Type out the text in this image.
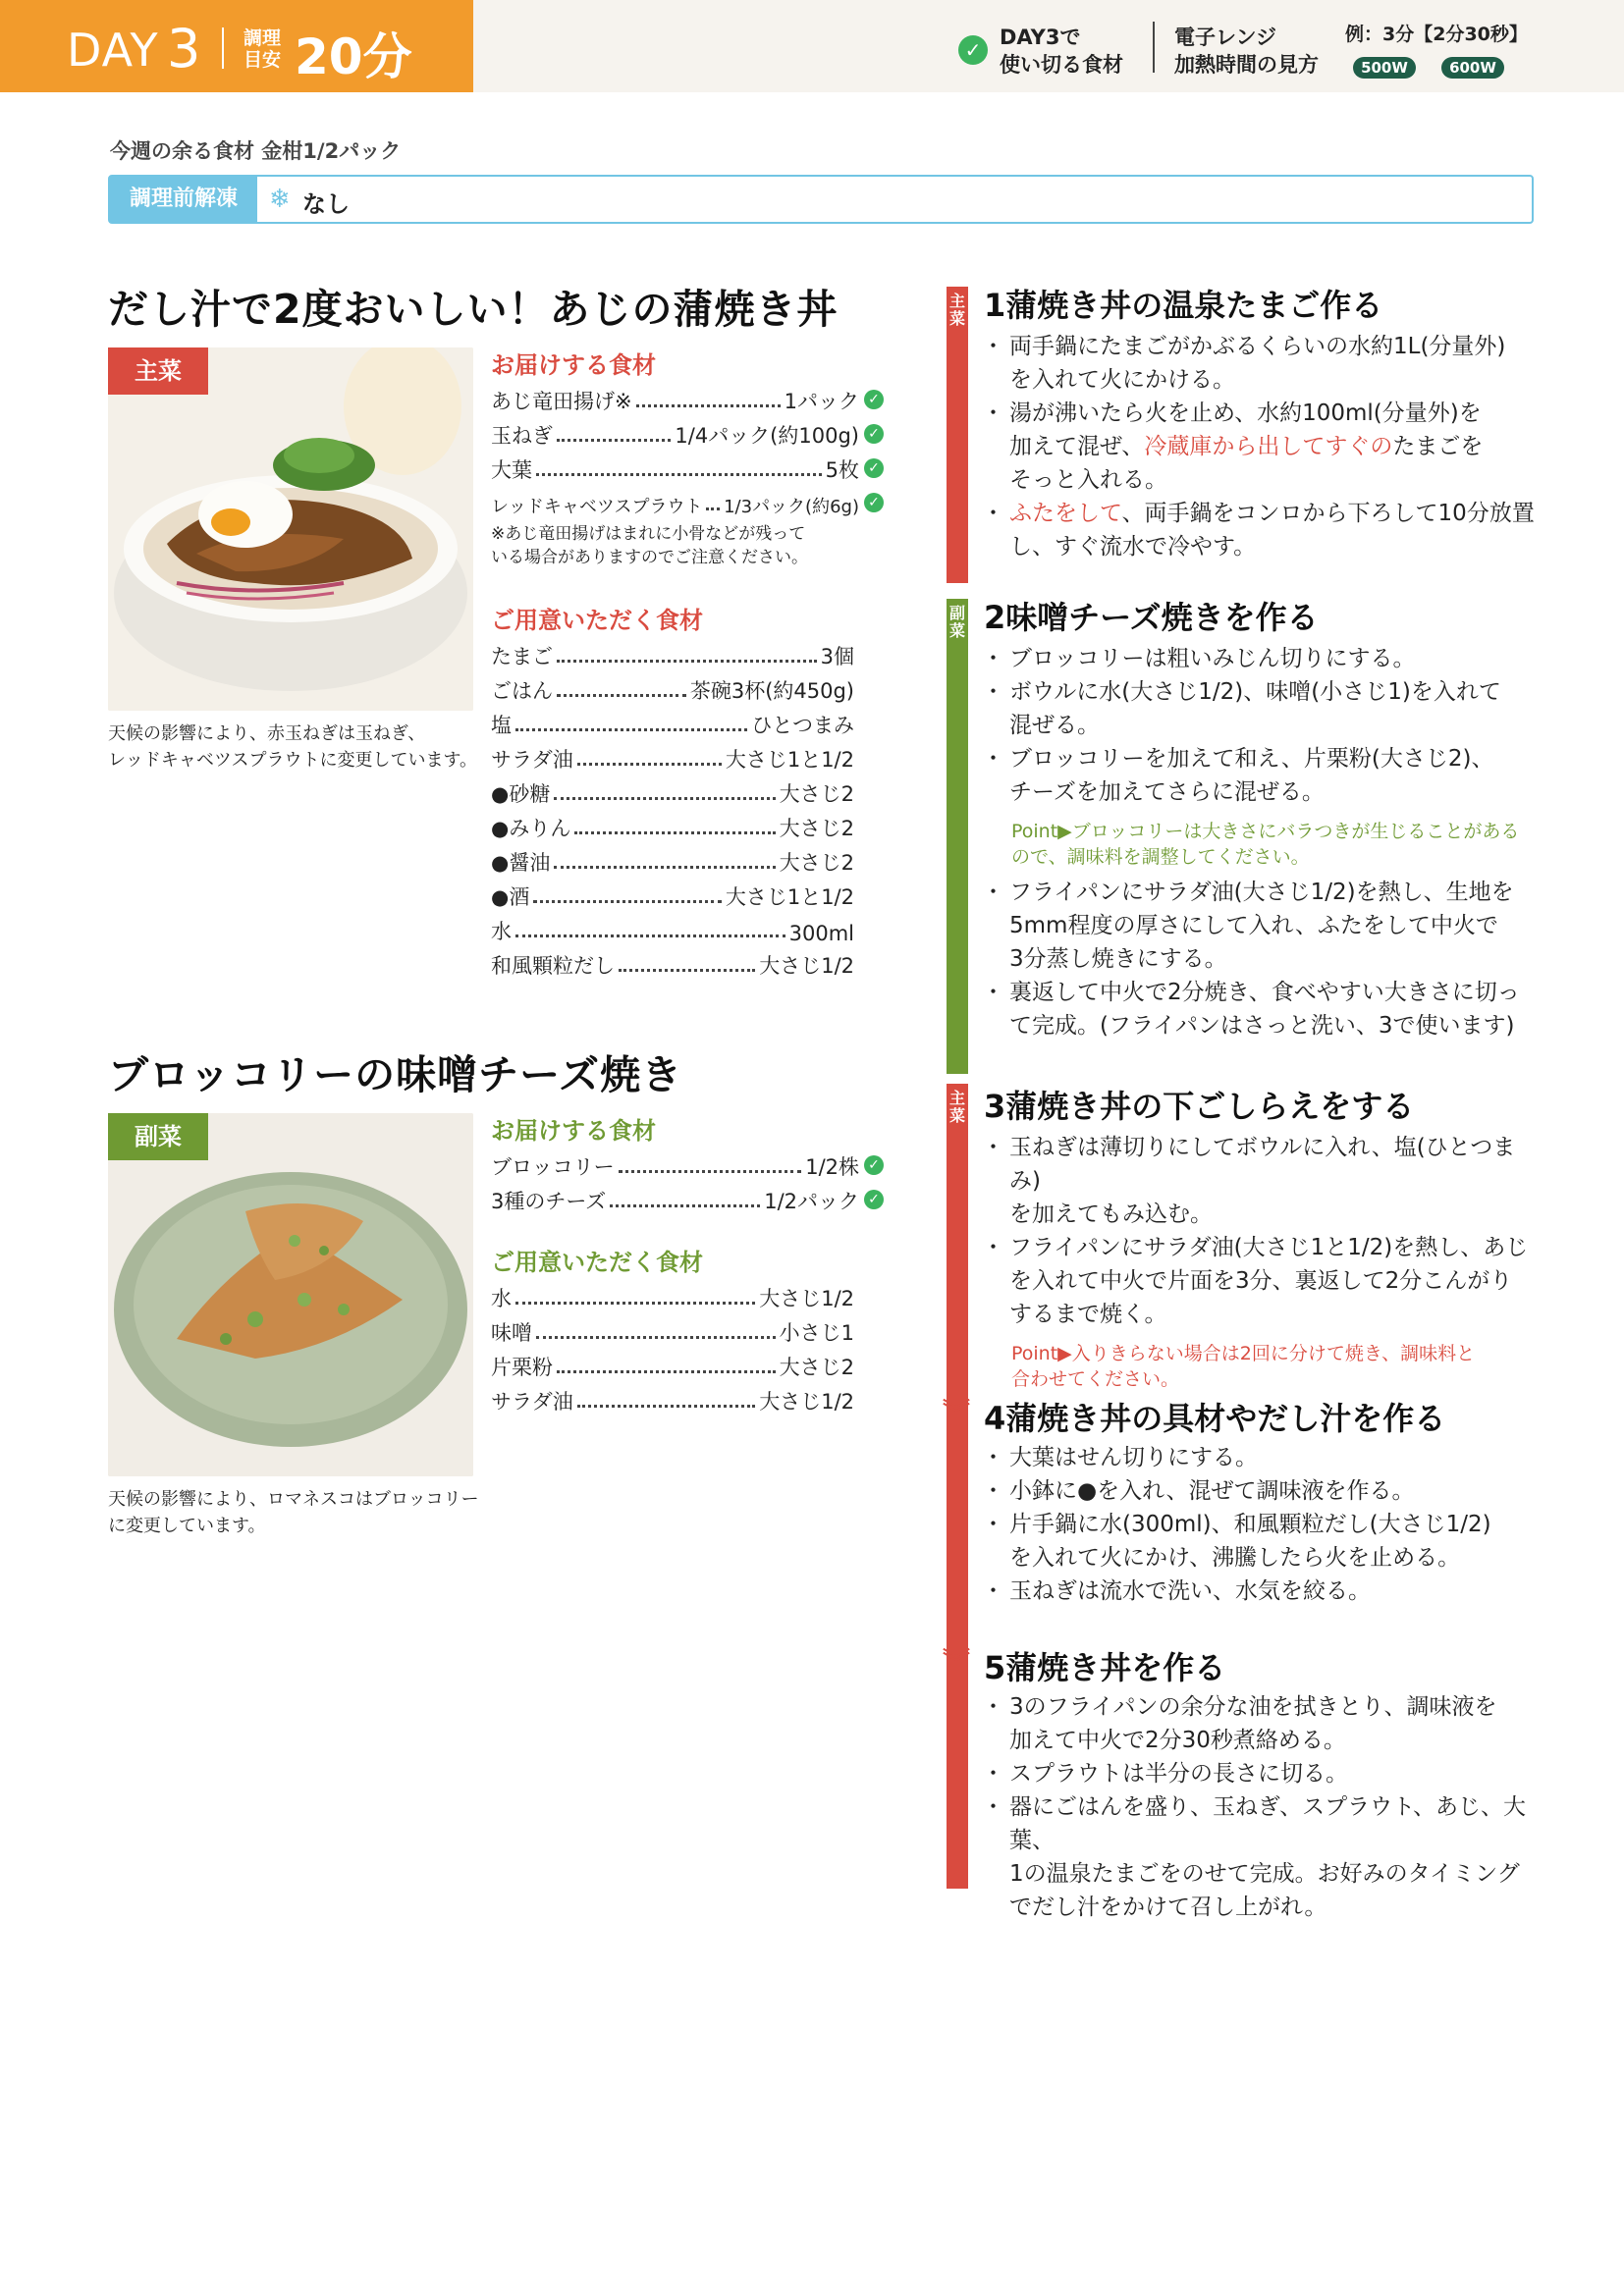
DAY 3 調理
目安 20分	✓
DAY3で
使い切る食材
電子レンジ
加熱時間の見方
例：3分【2分30秒】
500W	600W
今週の余る食材 金柑1/2パック
調理前解凍	❄ なし
だし汁で2度おいしい！あじの蒲焼き丼
主菜
天候の影響により、赤玉ねぎは玉ねぎ、
レッドキャベツスプラウトに変更しています。
お届けする食材
あじ竜田揚げ※	1パック ✓
玉ねぎ	1/4パック(約100g) ✓
大葉	5枚 ✓
レッドキャベツスプラウト 1/3パック(約6g) ✓
※あじ竜田揚げはまれに小骨などが残って
いる場合がありますのでご注意ください。
ご用意いただく食材
たまご	3個
ごはん	茶碗3杯(約450g)
塩	ひとつまみ
サラダ油	大さじ1と1/2
●砂糖	大さじ2
●みりん	大さじ2
●醤油	大さじ2
●酒	大さじ1と1/2
水	300ml
和風顆粒だし	大さじ1/2
ブロッコリーの味噌チーズ焼き
副菜
天候の影響により、ロマネスコはブロッコリー
に変更しています。
お届けする食材
ブロッコリー	1/2株 ✓
3種のチーズ	1/2パック ✓
ご用意いただく食材
水	大さじ1/2
味噌	小さじ1
片栗粉	大さじ2
サラダ油	大さじ1/2
主
菜
副
菜
主
菜
︾
︾
1蒲焼き丼の温泉たまご作る
・ 両手鍋にたまごがかぶるくらいの水約1L(分量外)
を入れて火にかける。
・ 湯が沸いたら火を止め、水約100ml(分量外)を
加えて混ぜ、冷蔵庫から出してすぐのたまごを
そっと入れる。
・ ふたをして、両手鍋をコンロから下ろして10分放置
し、すぐ流水で冷やす。
2味噌チーズ焼きを作る
・ ブロッコリーは粗いみじん切りにする。
・ ボウルに水(大さじ1/2)、味噌(小さじ1)を入れて
混ぜる。
・ ブロッコリーを加えて和え、片栗粉(大さじ2)、
チーズを加えてさらに混ぜる。
Point▶ブロッコリーは大きさにバラつきが生じることがある
ので、調味料を調整してください。
・ フライパンにサラダ油(大さじ1/2)を熱し、生地を
5mm程度の厚さにして入れ、ふたをして中火で
3分蒸し焼きにする。
・ 裏返して中火で2分焼き、食べやすい大きさに切っ
て完成。(フライパンはさっと洗い、3で使います)
3蒲焼き丼の下ごしらえをする
・ 玉ねぎは薄切りにしてボウルに入れ、塩(ひとつまみ)
を加えてもみ込む。
・ フライパンにサラダ油(大さじ1と1/2)を熱し、あじ
を入れて中火で片面を3分、裏返して2分こんがり
するまで焼く。
Point▶入りきらない場合は2回に分けて焼き、調味料と
合わせてください。
4蒲焼き丼の具材やだし汁を作る
・ 大葉はせん切りにする。
・ 小鉢に●を入れ、混ぜて調味液を作る。
・ 片手鍋に水(300ml)、和風顆粒だし(大さじ1/2)
を入れて火にかけ、沸騰したら火を止める。
・ 玉ねぎは流水で洗い、水気を絞る。
5蒲焼き丼を作る
・ 3のフライパンの余分な油を拭きとり、調味液を
加えて中火で2分30秒煮絡める。
・ スプラウトは半分の長さに切る。
・ 器にごはんを盛り、玉ねぎ、スプラウト、あじ、大葉、
1の温泉たまごをのせて完成。お好みのタイミング
でだし汁をかけて召し上がれ。
